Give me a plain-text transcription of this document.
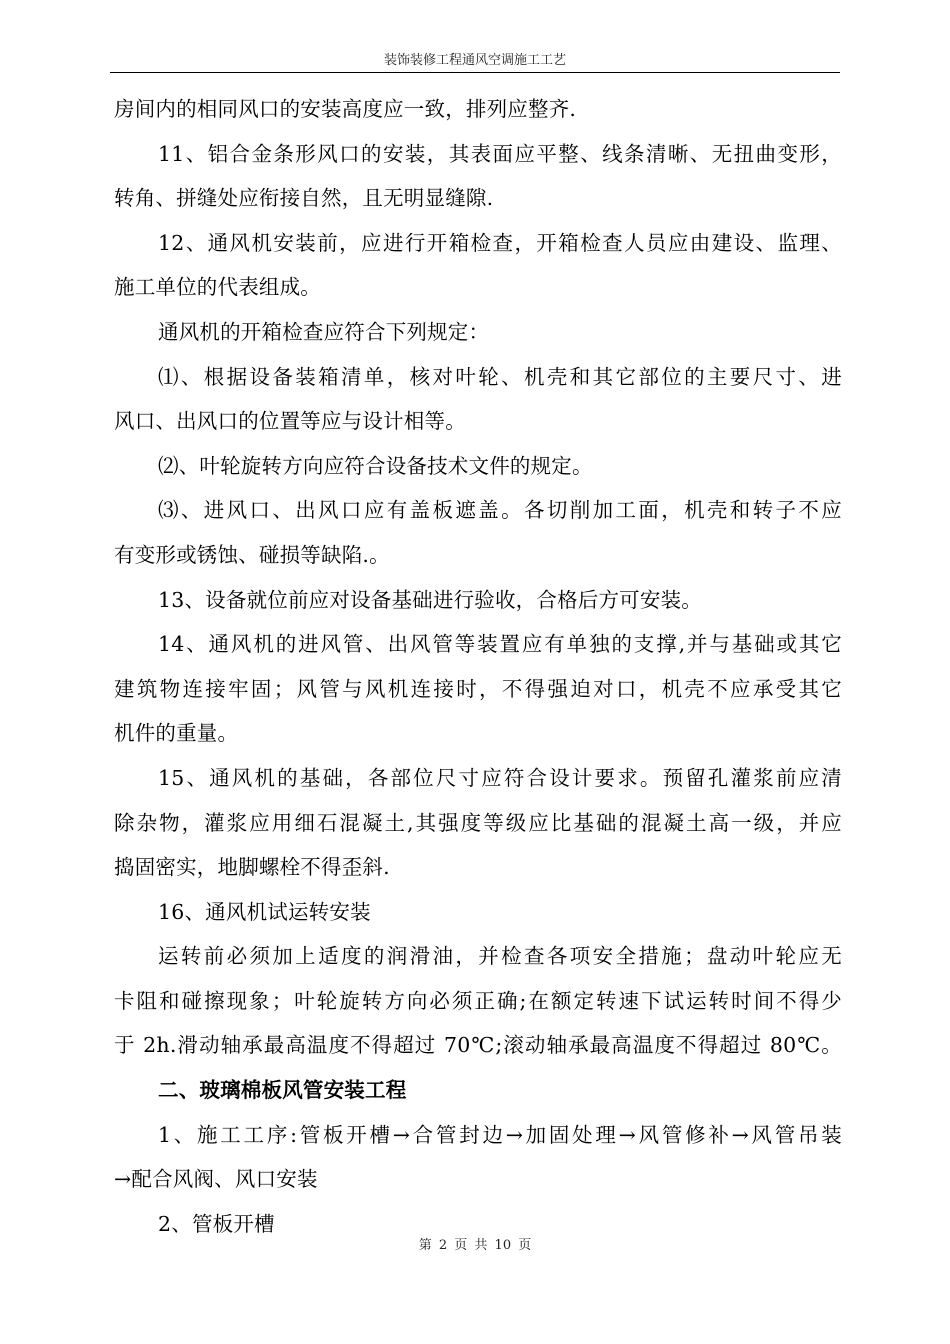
装饰装修工程通风空调施工工艺
房间内的相同风口的安装高度应一致，排列应整齐.
11、铝合金条形风口的安装，其表面应平整、线条清晰、无扭曲变形，
转角、拼缝处应衔接自然，且无明显缝隙.
12、通风机安装前，应进行开箱检查，开箱检查人员应由建设、监理、
施工单位的代表组成。
通风机的开箱检查应符合下列规定：
⑴、根据设备装箱清单，核对叶轮、机壳和其它部位的主要尺寸、进
风口、出风口的位置等应与设计相等。
⑵、叶轮旋转方向应符合设备技术文件的规定。
⑶、进风口、出风口应有盖板遮盖。各切削加工面，机壳和转子不应
有变形或锈蚀、碰损等缺陷.。
13、设备就位前应对设备基础进行验收，合格后方可安装。
14、通风机的进风管、出风管等装置应有单独的支撑,并与基础或其它
建筑物连接牢固；风管与风机连接时，不得强迫对口，机壳不应承受其它
机件的重量。
15、通风机的基础，各部位尺寸应符合设计要求。预留孔灌浆前应清
除杂物，灌浆应用细石混凝土,其强度等级应比基础的混凝土高一级，并应
捣固密实，地脚螺栓不得歪斜.
16、通风机试运转安装
运转前必须加上适度的润滑油，并检查各项安全措施；盘动叶轮应无
卡阻和碰擦现象；叶轮旋转方向必须正确;在额定转速下试运转时间不得少
于 2h.滑动轴承最高温度不得超过 70℃;滚动轴承最高温度不得超过 80℃。
二、玻璃棉板风管安装工程
1、施工工序:管板开槽→合管封边→加固处理→风管修补→风管吊装
→配合风阀、风口安装
2、管板开槽
第 2 页 共 10 页
